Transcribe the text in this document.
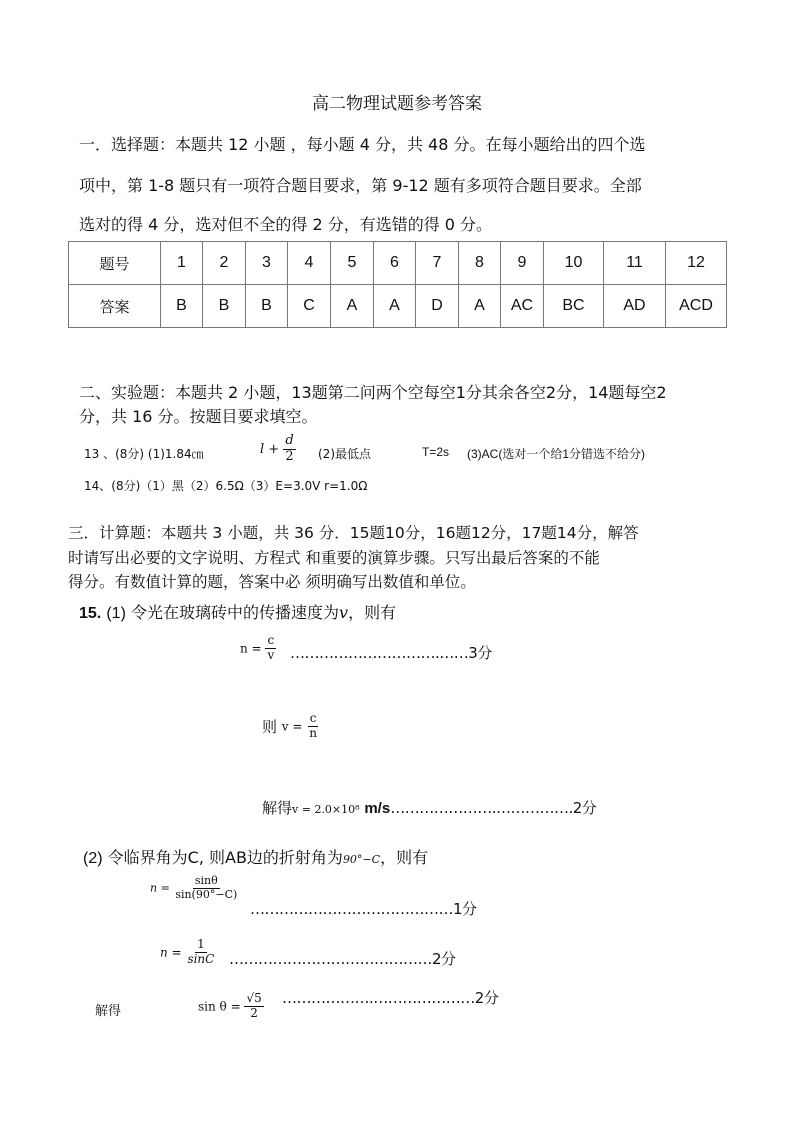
高二物理试题参考答案
一．选择题：本题共 12 小题 ，每小题 4 分，共 48 分。在每小题给出的四个选
项中，第 1-8 题只有一项符合题目要求，第 9-12 题有多项符合题目要求。全部
选对的得 4 分，选对但不全的得 2 分，有选错的得 0 分。
题号	1	2	3	4	5	6	7	8	9	10	11	12
答案	B	B	B	C	A	A	D	A	AC	BC	AD	ACD
二、实验题：本题共 2 小题，13题第二问两个空每空1分其余各空2分，14题每空2
分，共 16 分。按题目要求填空。
13 、(8分) (1)1.84㎝	$l + \frac{d}{2} (2)$最低点	T=2s (3)AC(选对一个给1分错选不给分)
14、(8分)（1）黑（2）6.5Ω（3）E=3.0V r=1.0Ω
三．计算题：本题共 3 小题，共 36 分．15题10分，16题12分，17题14分，解答
时请写出必要的文字说明、方程式 和重要的演算步骤。只写出最后答案的不能
得分。有数值计算的题，答案中必 须明确写出数值和单位。
15. (1) 令光在玻璃砖中的传播速度为v，则有
$n = \frac{c}{v}$ ………………………….……3分
则 $v = \frac{c}{n}$
解得v = 2.0×10⁸ m/s………………….…………….2分
(2) 令临界角为C, 则AB边的折射角为90°−C，则有
$n = \frac{\sin\theta}{\sin(90^\circ-C)}$
……………………………………1分
$n = \frac{1}{\sin C}$ ……………………………………2分
解得	$\sin \theta = \frac{√5}{2}$ ……………….…………………2分
